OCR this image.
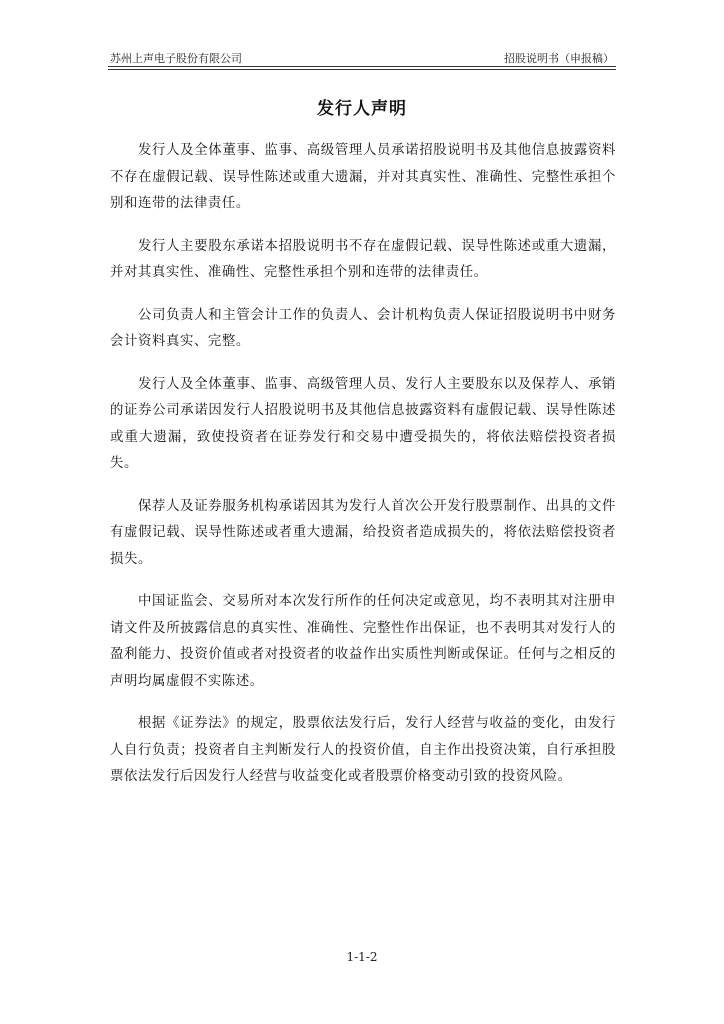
苏州上声电子股份有限公司	招股说明书（申报稿）
发行人声明

发行人及全体董事、监事、高级管理人员承诺招股说明书及其他信息披露资料不存在虚假记载、误导性陈述或重大遗漏，并对其真实性、准确性、完整性承担个别和连带的法律责任。

发行人主要股东承诺本招股说明书不存在虚假记载、误导性陈述或重大遗漏，并对其真实性、准确性、完整性承担个别和连带的法律责任。

公司负责人和主管会计工作的负责人、会计机构负责人保证招股说明书中财务会计资料真实、完整。

发行人及全体董事、监事、高级管理人员、发行人主要股东以及保荐人、承销的证券公司承诺因发行人招股说明书及其他信息披露资料有虚假记载、误导性陈述或重大遗漏，致使投资者在证券发行和交易中遭受损失的，将依法赔偿投资者损失。

保荐人及证券服务机构承诺因其为发行人首次公开发行股票制作、出具的文件有虚假记载、误导性陈述或者重大遗漏，给投资者造成损失的，将依法赔偿投资者损失。

中国证监会、交易所对本次发行所作的任何决定或意见，均不表明其对注册申请文件及所披露信息的真实性、准确性、完整性作出保证，也不表明其对发行人的盈利能力、投资价值或者对投资者的收益作出实质性判断或保证。任何与之相反的声明均属虚假不实陈述。

根据《证券法》的规定，股票依法发行后，发行人经营与收益的变化，由发行人自行负责；投资者自主判断发行人的投资价值，自主作出投资决策，自行承担股票依法发行后因发行人经营与收益变化或者股票价格变动引致的投资风险。

1-1-2
